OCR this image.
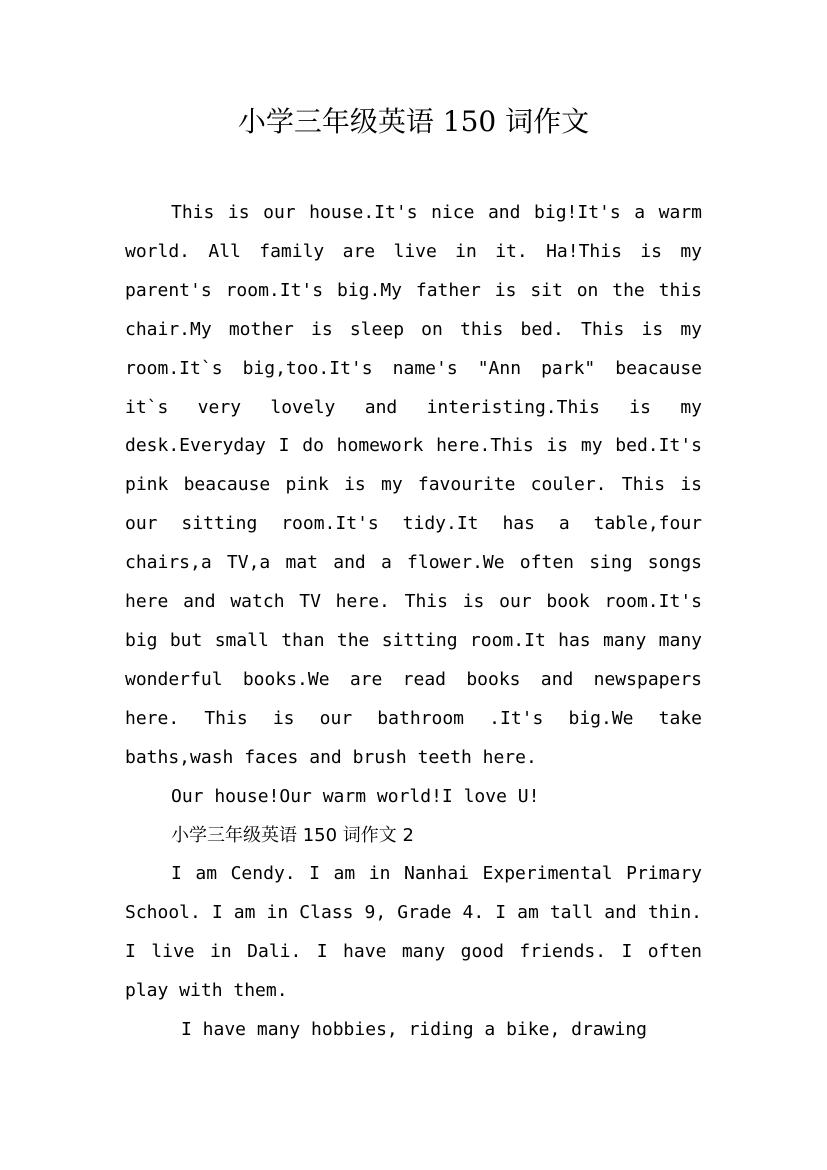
小学三年级英语 150 词作文

This is our house.It's nice and big!It's a warm world. All family are live in it. Ha!This is my parent's room.It's big.My father is sit on the this chair.My mother is sleep on this bed. This is my room.It`s big,too.It's name's "Ann park" beacause it`s very lovely and interisting.This is my desk.Everyday I do homework here.This is my bed.It's pink beacause pink is my favourite couler. This is our sitting room.It's tidy.It has a table,four chairs,a TV,a mat and a flower.We often sing songs here and watch TV here. This is our book room.It's big but small than the sitting room.It has many many wonderful books.We are read books and newspapers here. This is our bathroom .It's big.We take baths,wash faces and brush teeth here.

Our house!Our warm world!I love U!

小学三年级英语 150 词作文 2

I am Cendy. I am in Nanhai Experimental Primary School. I am in Class 9, Grade 4. I am tall and thin. I live in Dali. I have many good friends. I often play with them.

I have many hobbies, riding a bike, drawing
